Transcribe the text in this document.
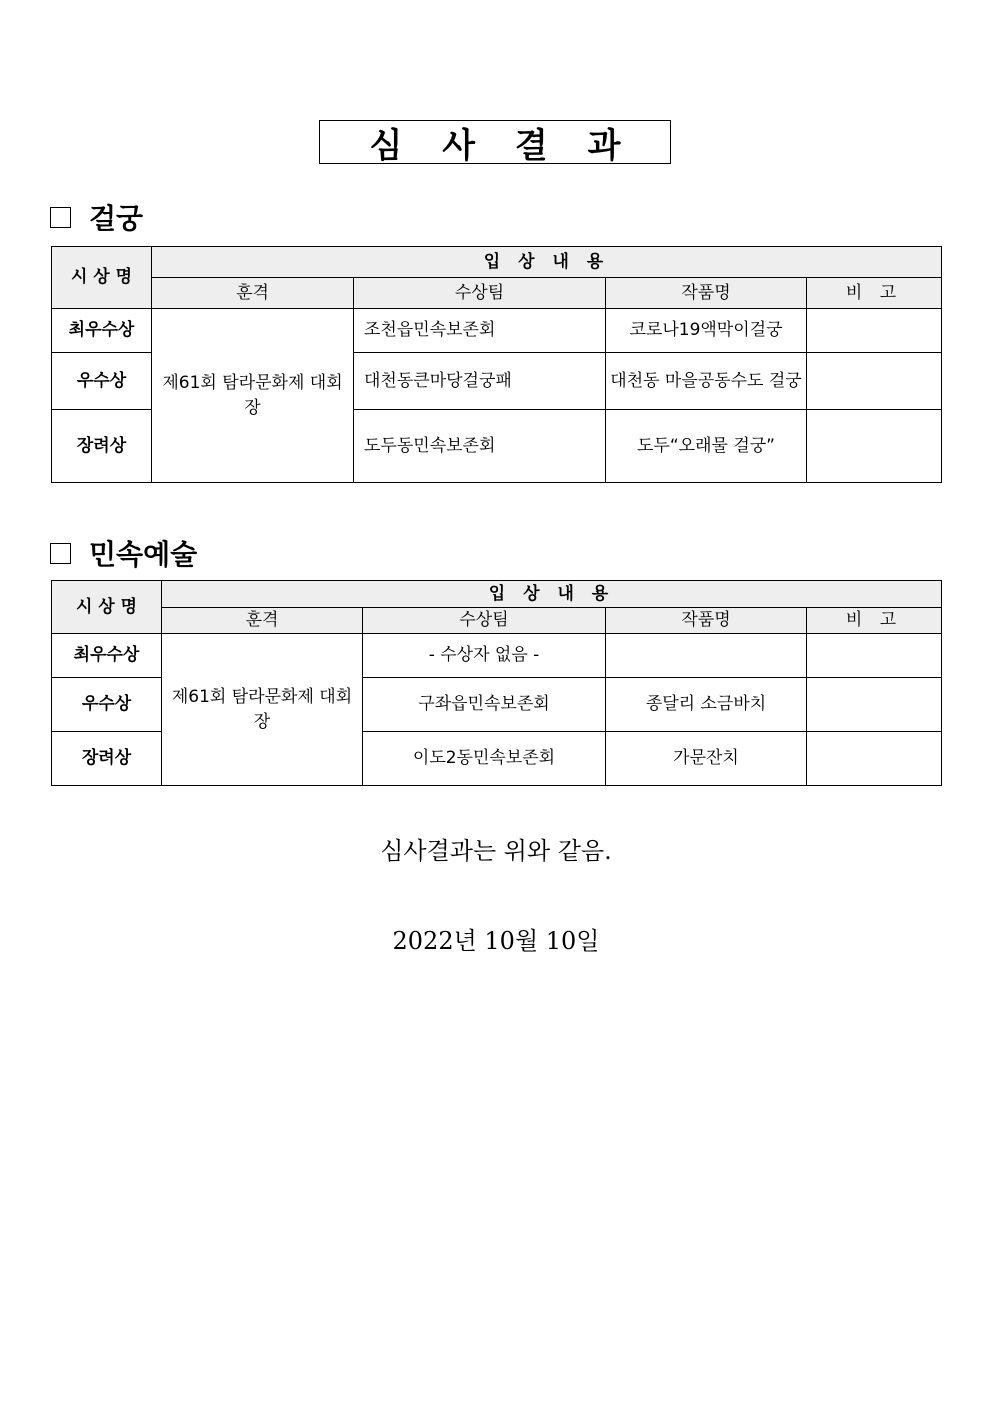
심 사 결 과
걸궁
시 상 명	입 상 내 용			
	훈격	수상팀	작품명	비 고
최우수상	제61회 탐라문화제 대회장	조천읍민속보존회	코로나19액막이걸궁	
우수상		대천동큰마당걸궁패	대천동 마을공동수도 걸궁	
장려상		도두동민속보존회	도두“오래물 걸궁”	
민속예술
시 상 명	입 상 내 용			
	훈격	수상팀	작품명	비 고
최우수상	제61회 탐라문화제 대회장	- 수상자 없음 -		
우수상		구좌읍민속보존회	종달리 소금바치	
장려상		이도2동민속보존회	가문잔치	
심사결과는 위와 같음.
2022년 10월 10일
